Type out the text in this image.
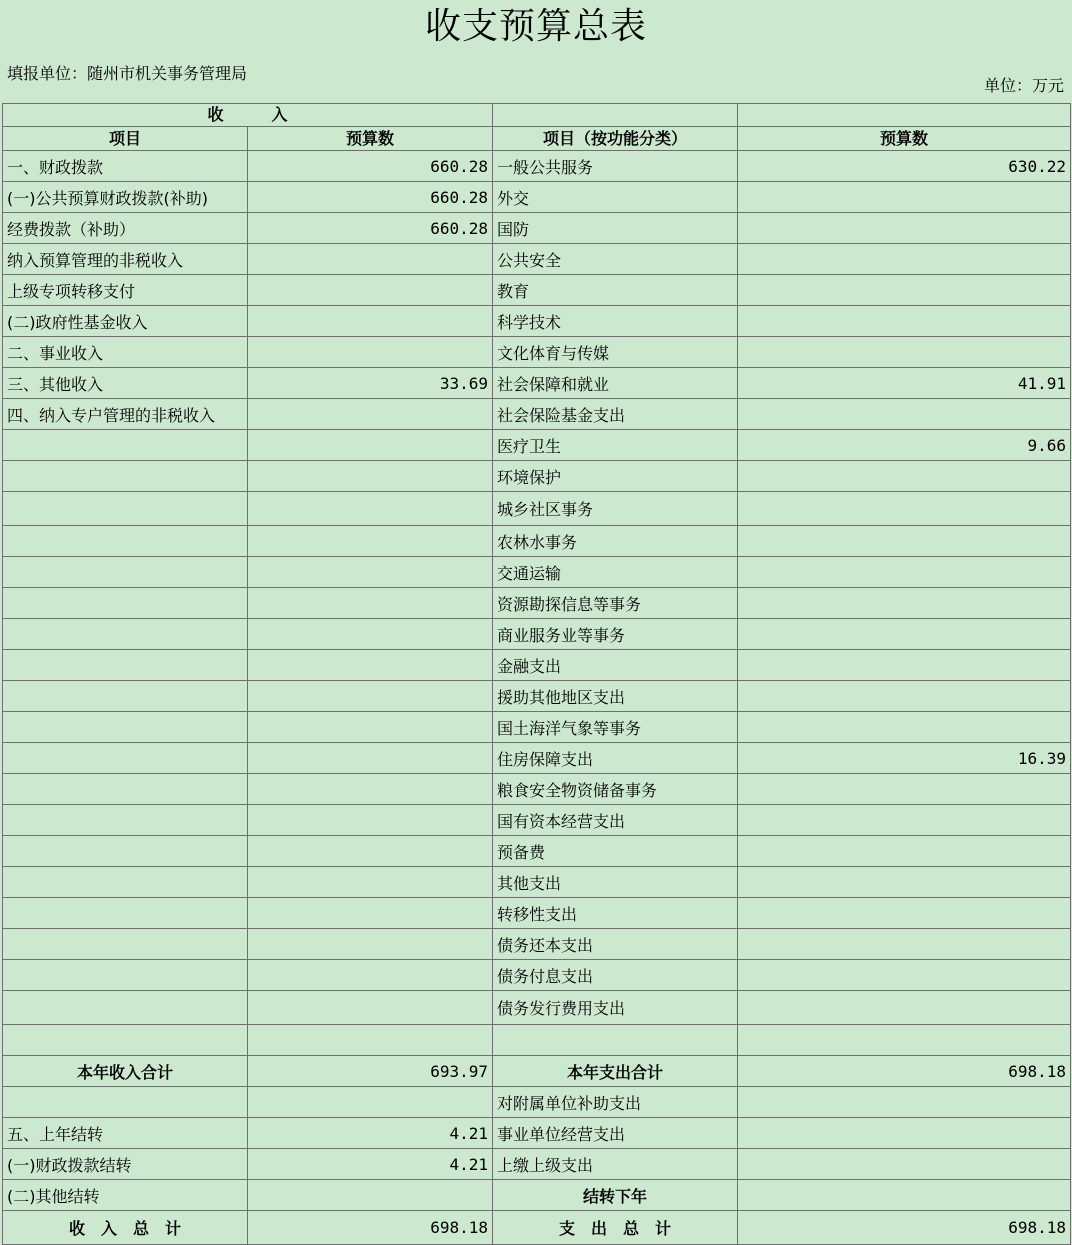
收支预算总表
填报单位：随州市机关事务管理局
单位：万元
收　　　入			
项目	预算数	项目（按功能分类）	预算数
一、财政拨款	660.28	一般公共服务	630.22
(一)公共预算财政拨款(补助)	660.28	外交	
经费拨款（补助）	660.28	国防	
纳入预算管理的非税收入		公共安全	
上级专项转移支付		教育	
(二)政府性基金收入		科学技术	
二、事业收入		文化体育与传媒	
三、其他收入	33.69	社会保障和就业	41.91
四、纳入专户管理的非税收入		社会保险基金支出	
		医疗卫生	9.66
		环境保护	
		城乡社区事务	
		农林水事务	
		交通运输	
		资源勘探信息等事务	
		商业服务业等事务	
		金融支出	
		援助其他地区支出	
		国土海洋气象等事务	
		住房保障支出	16.39
		粮食安全物资储备事务	
		国有资本经营支出	
		预备费	
		其他支出	
		转移性支出	
		债务还本支出	
		债务付息支出	
		债务发行费用支出	

本年收入合计	693.97	本年支出合计	698.18
		对附属单位补助支出	
五、上年结转	4.21	事业单位经营支出	
(一)财政拨款结转	4.21	上缴上级支出	
(二)其他结转		结转下年	
收　入　总　计	698.18	支　出　总　计	698.18
